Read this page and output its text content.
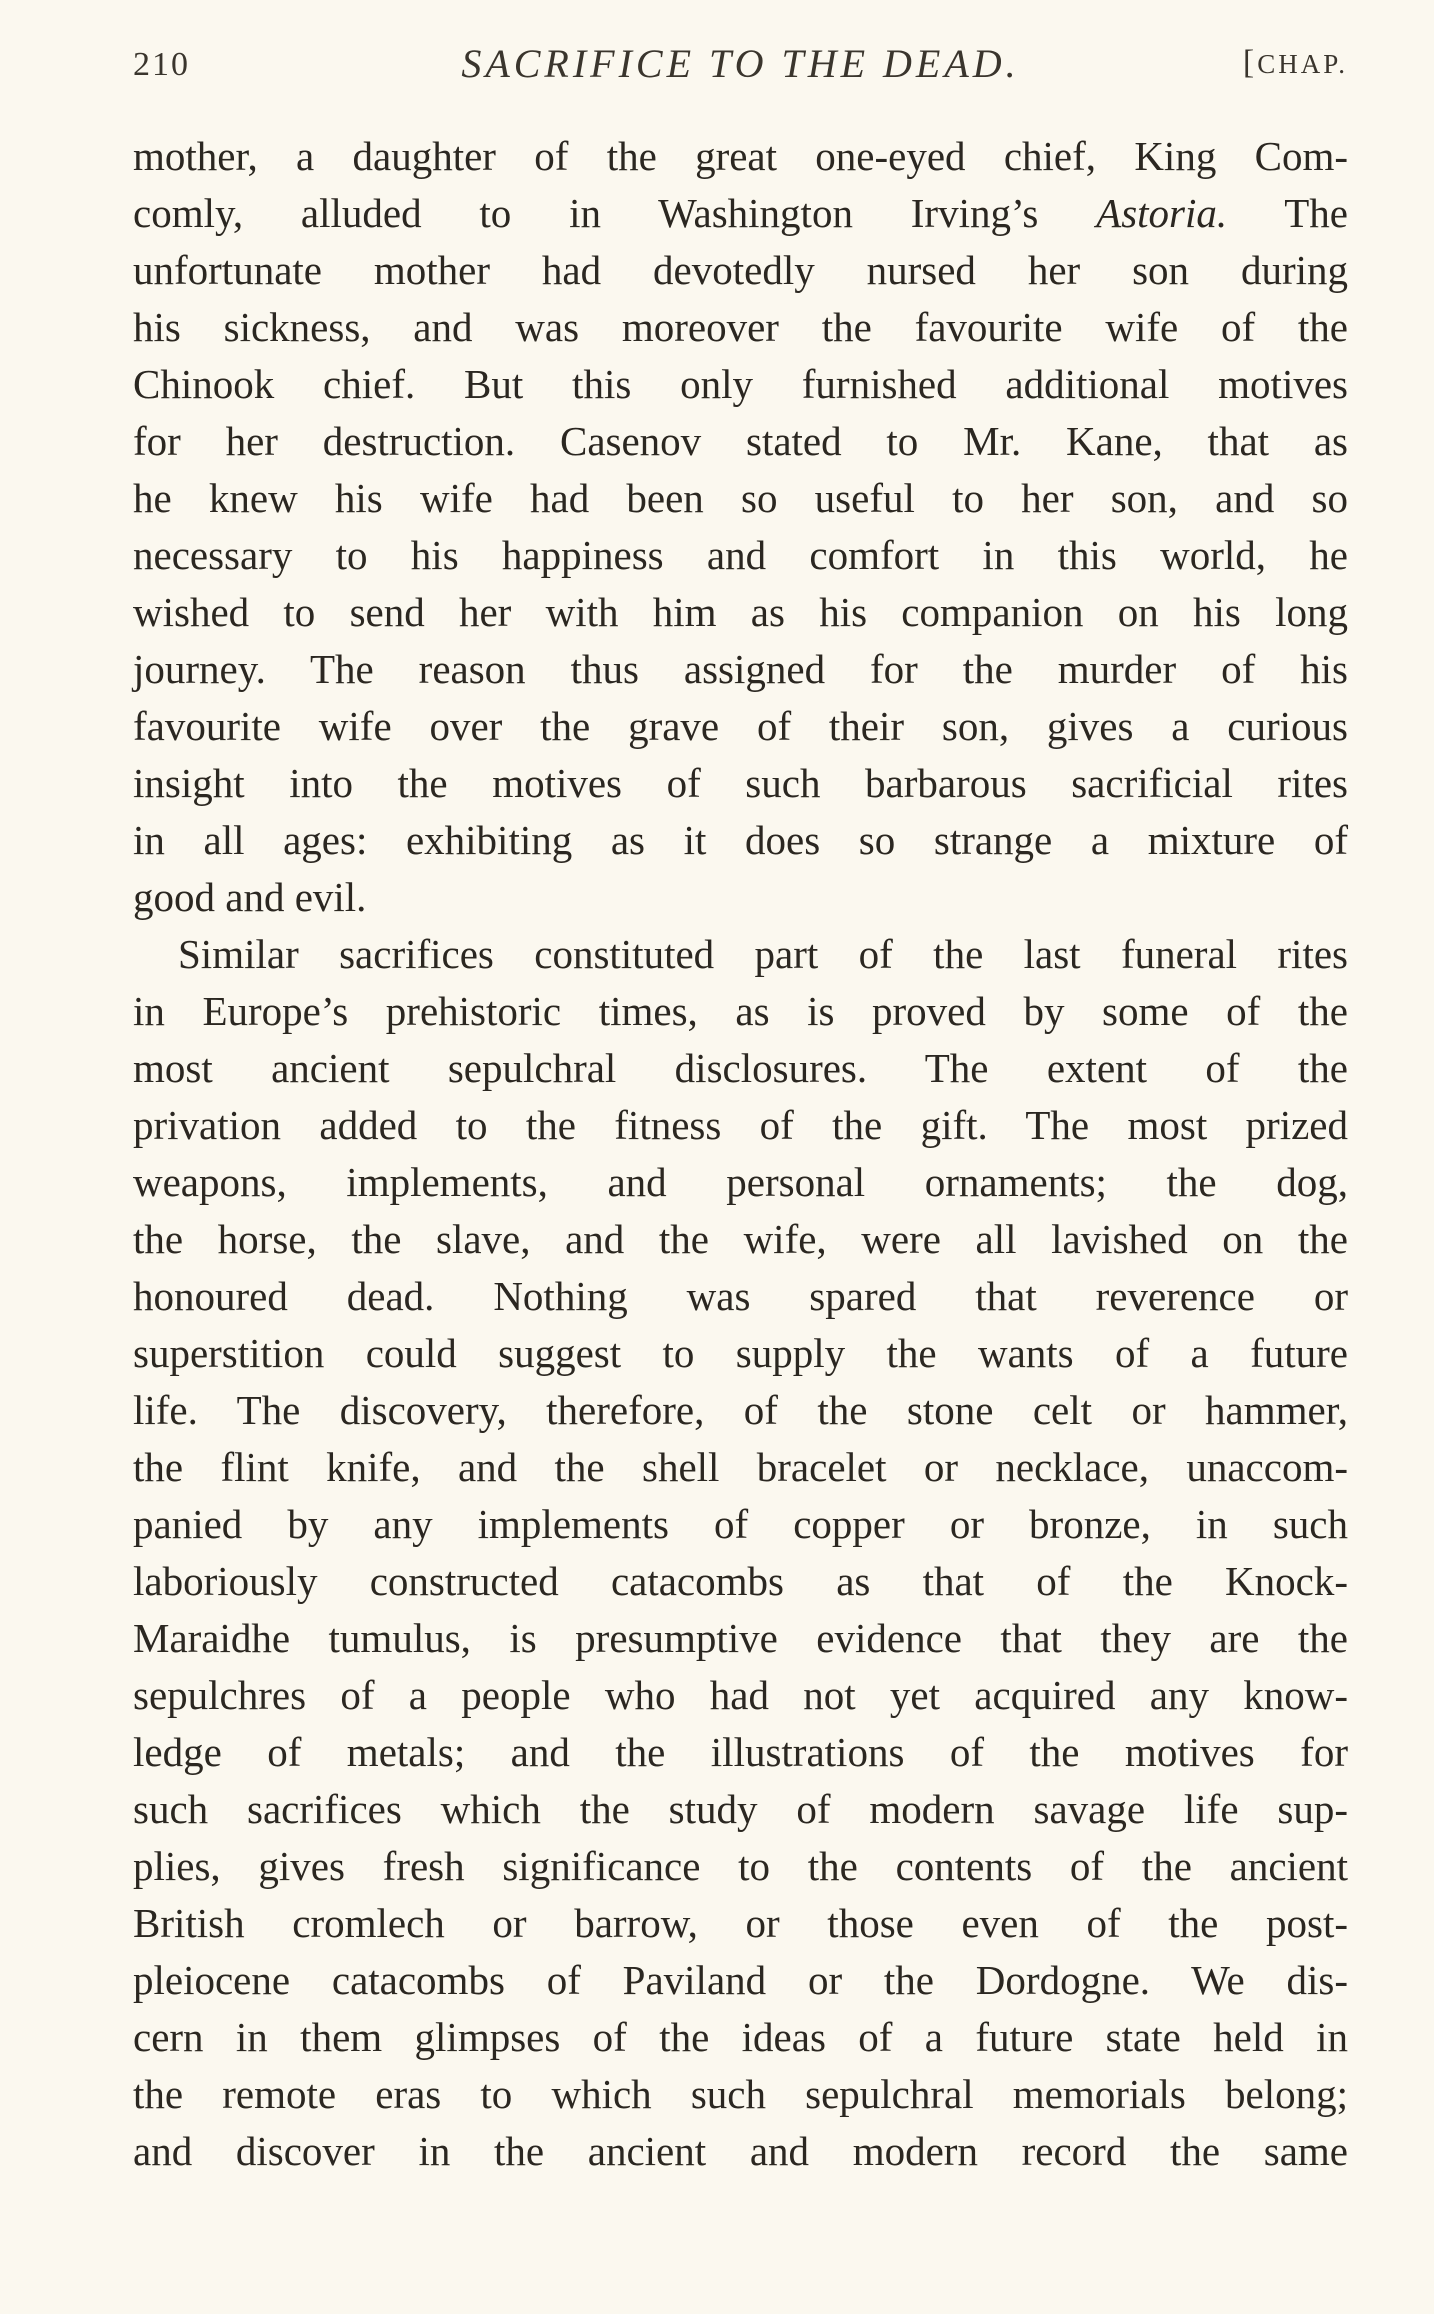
210	SACRIFICE TO THE DEAD.	[CHAP.
mother, a daughter of the great one-eyed chief, King Com-
comly, alluded to in Washington Irving’s Astoria. The
unfortunate mother had devotedly nursed her son during
his sickness, and was moreover the favourite wife of the
Chinook chief. But this only furnished additional motives
for her destruction. Casenov stated to Mr. Kane, that as
he knew his wife had been so useful to her son, and so
necessary to his happiness and comfort in this world, he
wished to send her with him as his companion on his long
journey. The reason thus assigned for the murder of his
favourite wife over the grave of their son, gives a curious
insight into the motives of such barbarous sacrificial rites
in all ages: exhibiting as it does so strange a mixture of
good and evil.
Similar sacrifices constituted part of the last funeral rites
in Europe’s prehistoric times, as is proved by some of the
most ancient sepulchral disclosures. The extent of the
privation added to the fitness of the gift. The most prized
weapons, implements, and personal ornaments; the dog,
the horse, the slave, and the wife, were all lavished on the
honoured dead. Nothing was spared that reverence or
superstition could suggest to supply the wants of a future
life. The discovery, therefore, of the stone celt or hammer,
the flint knife, and the shell bracelet or necklace, unaccom-
panied by any implements of copper or bronze, in such
laboriously constructed catacombs as that of the Knock-
Maraidhe tumulus, is presumptive evidence that they are the
sepulchres of a people who had not yet acquired any know-
ledge of metals; and the illustrations of the motives for
such sacrifices which the study of modern savage life sup-
plies, gives fresh significance to the contents of the ancient
British cromlech or barrow, or those even of the post-
pleiocene catacombs of Paviland or the Dordogne. We dis-
cern in them glimpses of the ideas of a future state held in
the remote eras to which such sepulchral memorials belong;
and discover in the ancient and modern record the same
